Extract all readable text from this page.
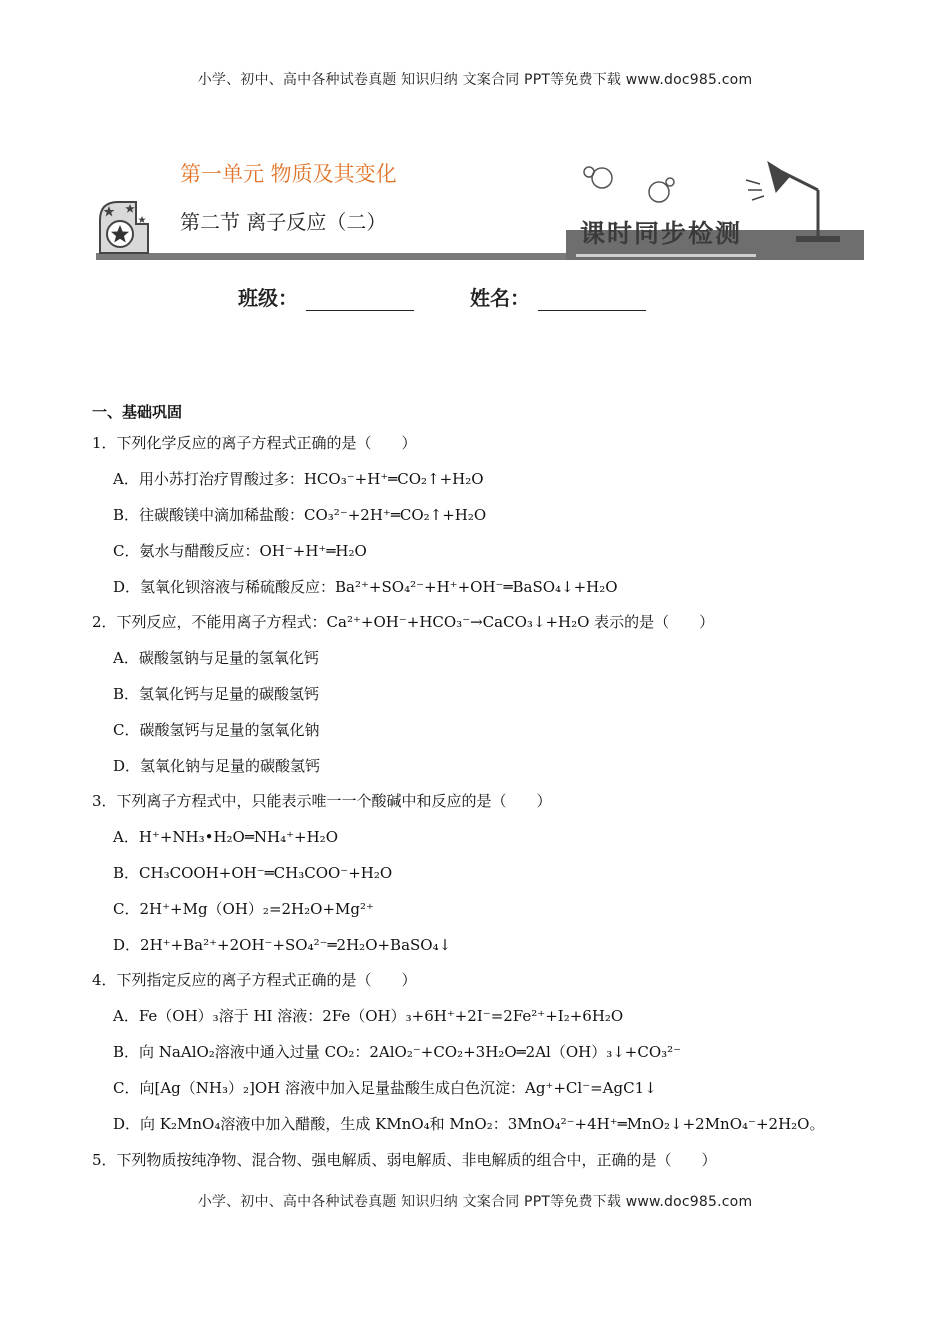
小学、初中、高中各种试卷真题 知识归纳 文案合同 PPT等免费下载 www.doc985.com
第一单元 物质及其变化
第二节 离子反应（二）	课时同步检测
班级：	姓名：
一、基础巩固
1．下列化学反应的离子方程式正确的是（　　）
A．用小苏打治疗胃酸过多：HCO₃⁻+H⁺═CO₂↑+H₂O
B．往碳酸镁中滴加稀盐酸：CO₃²⁻+2H⁺═CO₂↑+H₂O
C．氨水与醋酸反应：OH⁻+H⁺═H₂O
D．氢氧化钡溶液与稀硫酸反应：Ba²⁺+SO₄²⁻+H⁺+OH⁻═BaSO₄↓+H₂O
2．下列反应，不能用离子方程式：Ca²⁺+OH⁻+HCO₃⁻→CaCO₃↓+H₂O 表示的是（　　）
A．碳酸氢钠与足量的氢氧化钙
B．氢氧化钙与足量的碳酸氢钙
C．碳酸氢钙与足量的氢氧化钠
D．氢氧化钠与足量的碳酸氢钙
3．下列离子方程式中，只能表示唯一一个酸碱中和反应的是（　　）
A．H⁺+NH₃•H₂O═NH₄⁺+H₂O
B．CH₃COOH+OH⁻═CH₃COO⁻+H₂O
C．2H⁺+Mg（OH）₂=2H₂O+Mg²⁺
D．2H⁺+Ba²⁺+2OH⁻+SO₄²⁻═2H₂O+BaSO₄↓
4．下列指定反应的离子方程式正确的是（　　）
A．Fe（OH）₃溶于 HI 溶液：2Fe（OH）₃+6H⁺+2I⁻=2Fe²⁺+I₂+6H₂O
B．向 NaAlO₂溶液中通入过量 CO₂：2AlO₂⁻+CO₂+3H₂O═2Al（OH）₃↓+CO₃²⁻
C．向[Ag（NH₃）₂]OH 溶液中加入足量盐酸生成白色沉淀：Ag⁺+Cl⁻=AgC1↓
D．向 K₂MnO₄溶液中加入醋酸，生成 KMnO₄和 MnO₂：3MnO₄²⁻+4H⁺═MnO₂↓+2MnO₄⁻+2H₂O。
5．下列物质按纯净物、混合物、强电解质、弱电解质、非电解质的组合中，正确的是（　　）
小学、初中、高中各种试卷真题 知识归纳 文案合同 PPT等免费下载 www.doc985.com
